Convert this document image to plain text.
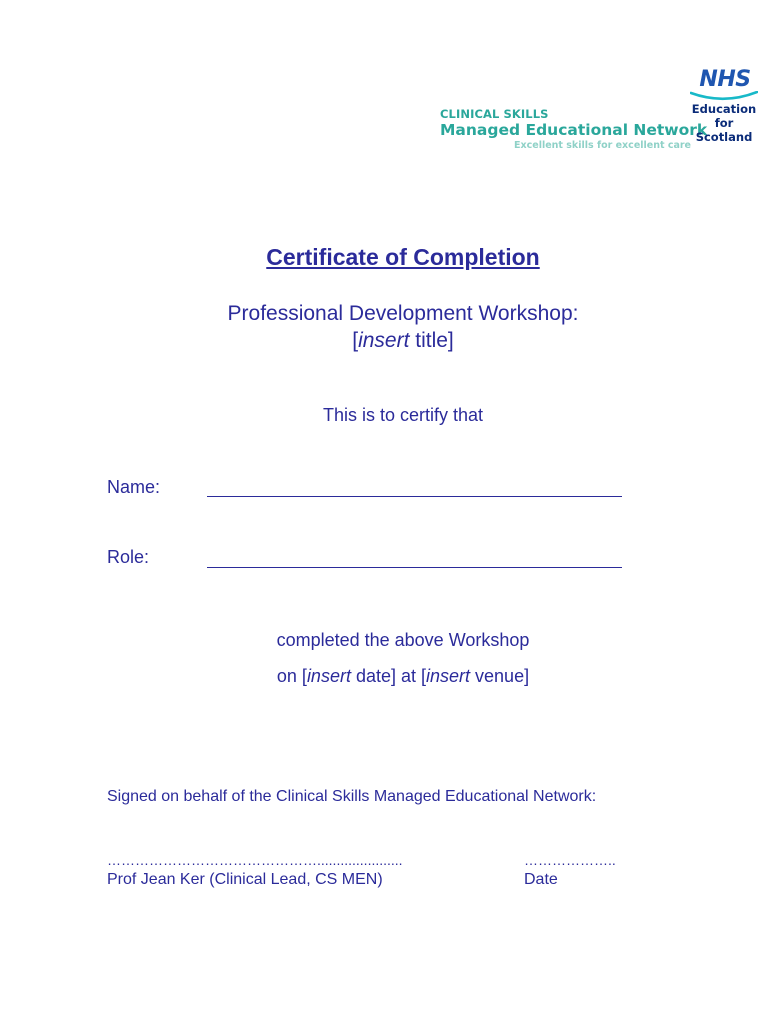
CLINICAL SKILLS
Managed Educational Network
Excellent skills for excellent care
NHS
Education
for
Scotland
Certificate of Completion
Professional Development Workshop:
[insert title]
This is to certify that
Name:
Role:
completed the above Workshop
on [insert date] at [insert venue]
Signed on behalf of the Clinical Skills Managed Educational Network:
………………………………………......................	………………..
Prof Jean Ker (Clinical Lead, CS MEN)	Date
